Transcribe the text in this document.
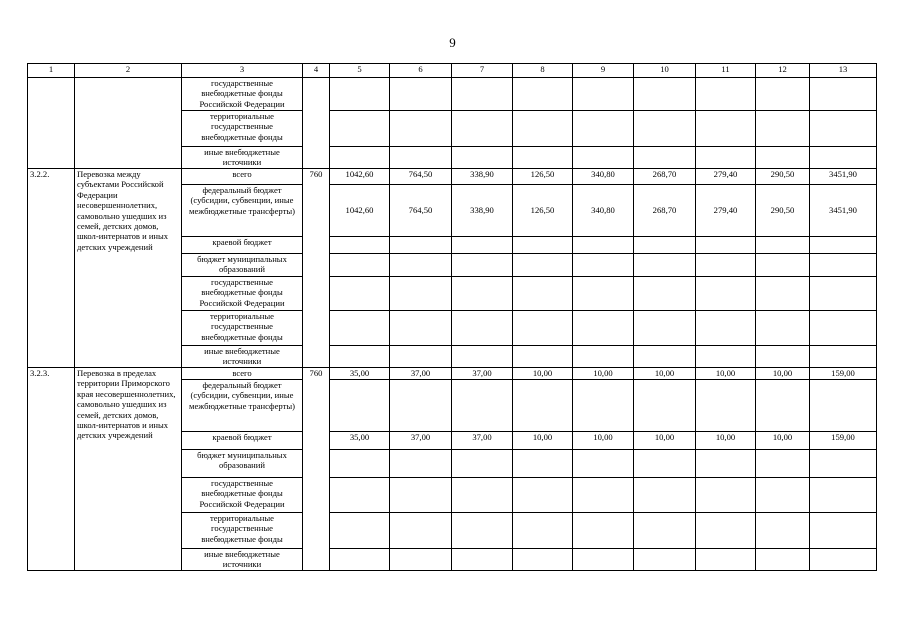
9
1	2	3	4	5	6	7	8	9	10	11	12	13
		государственные внебюджетные фонды Российской Федерации										
		территориальные государственные внебюджетные фонды										
		иные внебюджетные источники										
3.2.2.	Перевозка между субъектами Российской Федерации несовершеннолетних, самовольно ушедших из семей, детских домов, школ-интернатов и иных детских учреждений	всего	760	1042,60	764,50	338,90	126,50	340,80	268,70	279,40	290,50	3451,90
		федеральный бюджет (субсидии, субвенции, иные межбюджетные трансферты)		1042,60	764,50	338,90	126,50	340,80	268,70	279,40	290,50	3451,90
		краевой бюджет										
		бюджет муниципальных образований										
		государственные внебюджетные фонды Российской Федерации										
		территориальные государственные внебюджетные фонды										
		иные внебюджетные источники										
3.2.3.	Перевозка в пределах территории Приморского края несовершеннолетних, самовольно ушедших из семей, детских домов, школ-интернатов и иных детских учреждений	всего	760	35,00	37,00	37,00	10,00	10,00	10,00	10,00	10,00	159,00
		федеральный бюджет (субсидии, субвенции, иные межбюджетные трансферты)										
		краевой бюджет		35,00	37,00	37,00	10,00	10,00	10,00	10,00	10,00	159,00
		бюджет муниципальных образований										
		государственные внебюджетные фонды Российской Федерации										
		территориальные государственные внебюджетные фонды										
		иные внебюджетные источники										
